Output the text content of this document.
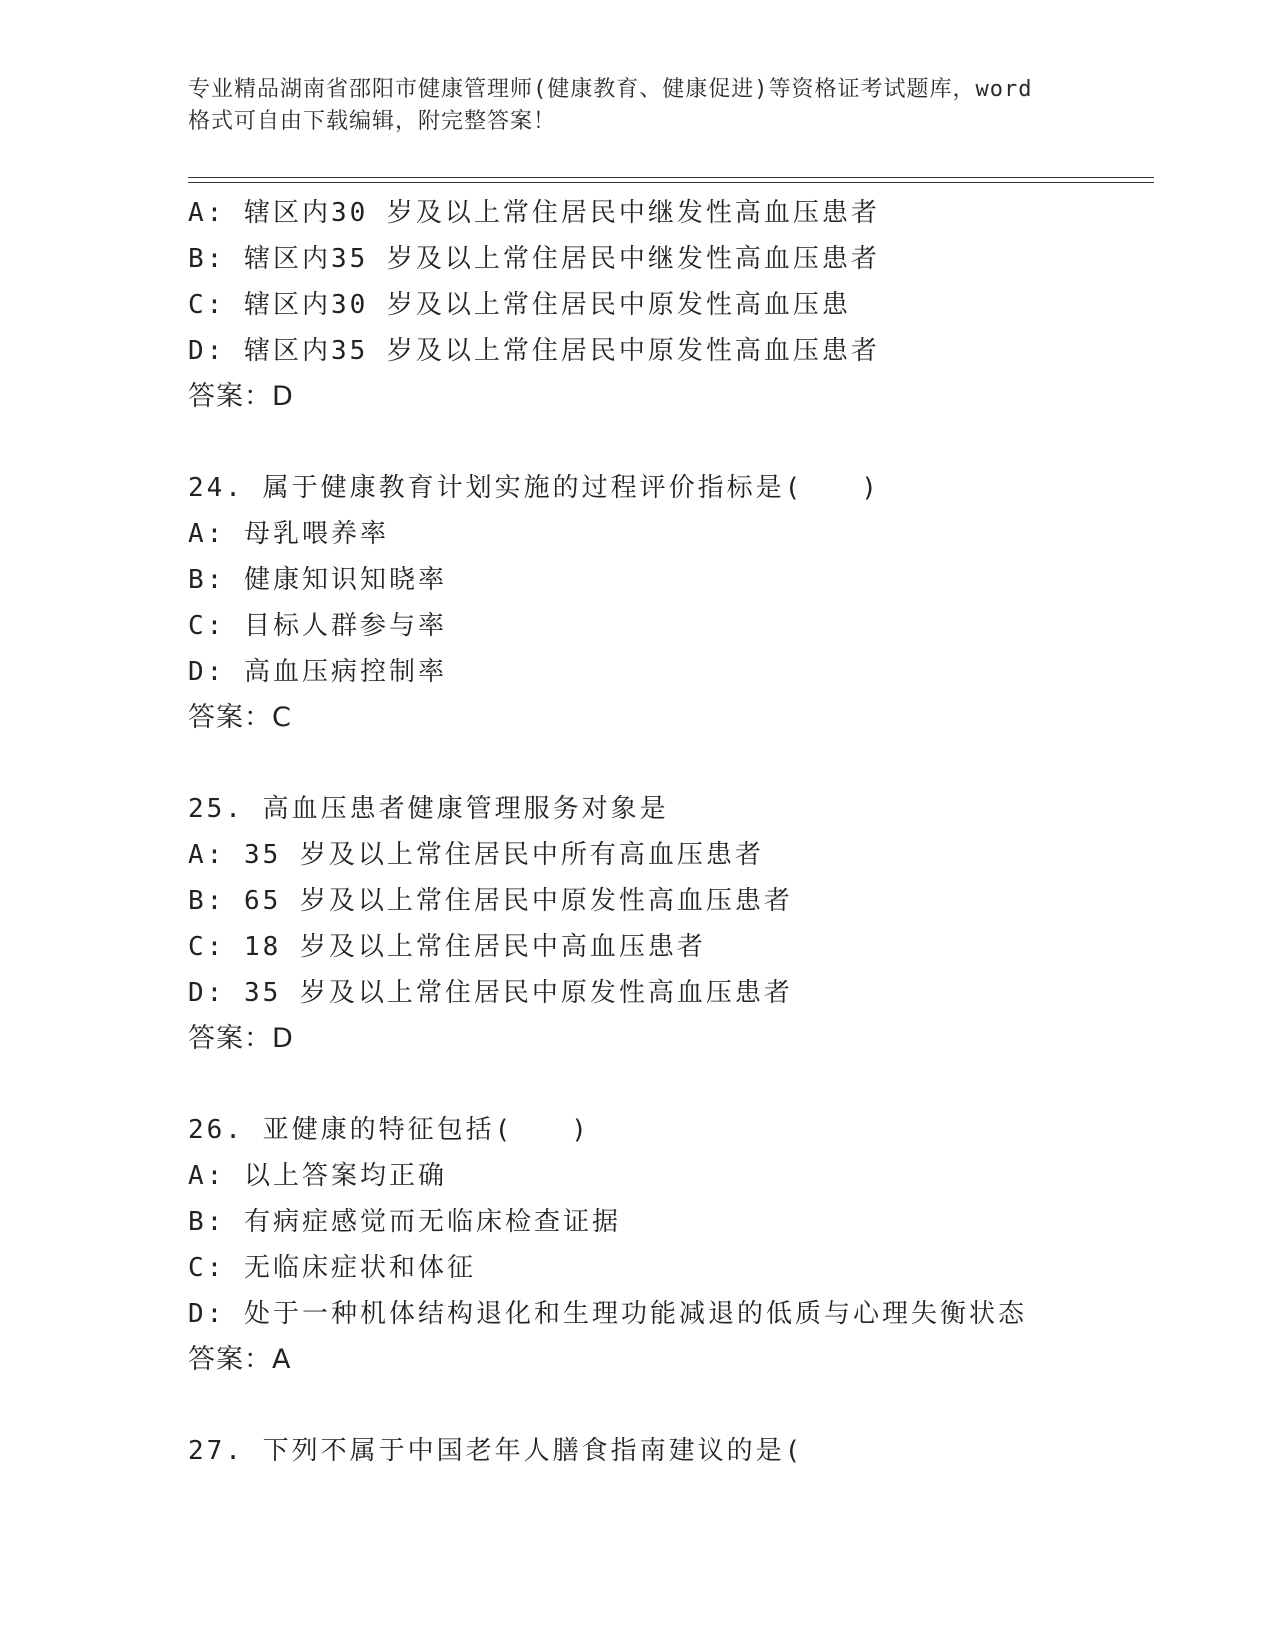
专业精品湖南省邵阳市健康管理师(健康教育、健康促进)等资格证考试题库，word
格式可自由下载编辑，附完整答案！
A: 辖区内30 岁及以上常住居民中继发性高血压患者
B: 辖区内35 岁及以上常住居民中继发性高血压患者
C: 辖区内30 岁及以上常住居民中原发性高血压患
D: 辖区内35 岁及以上常住居民中原发性高血压患者
答案：D
24. 属于健康教育计划实施的过程评价指标是(　　)
A: 母乳喂养率
B: 健康知识知晓率
C: 目标人群参与率
D: 高血压病控制率
答案：C
25. 高血压患者健康管理服务对象是
A: 35 岁及以上常住居民中所有高血压患者
B: 65 岁及以上常住居民中原发性高血压患者
C: 18 岁及以上常住居民中高血压患者
D: 35 岁及以上常住居民中原发性高血压患者
答案：D
26. 亚健康的特征包括(　　)
A: 以上答案均正确
B: 有病症感觉而无临床检查证据
C: 无临床症状和体征
D: 处于一种机体结构退化和生理功能减退的低质与心理失衡状态
答案：A
27. 下列不属于中国老年人膳食指南建议的是(
